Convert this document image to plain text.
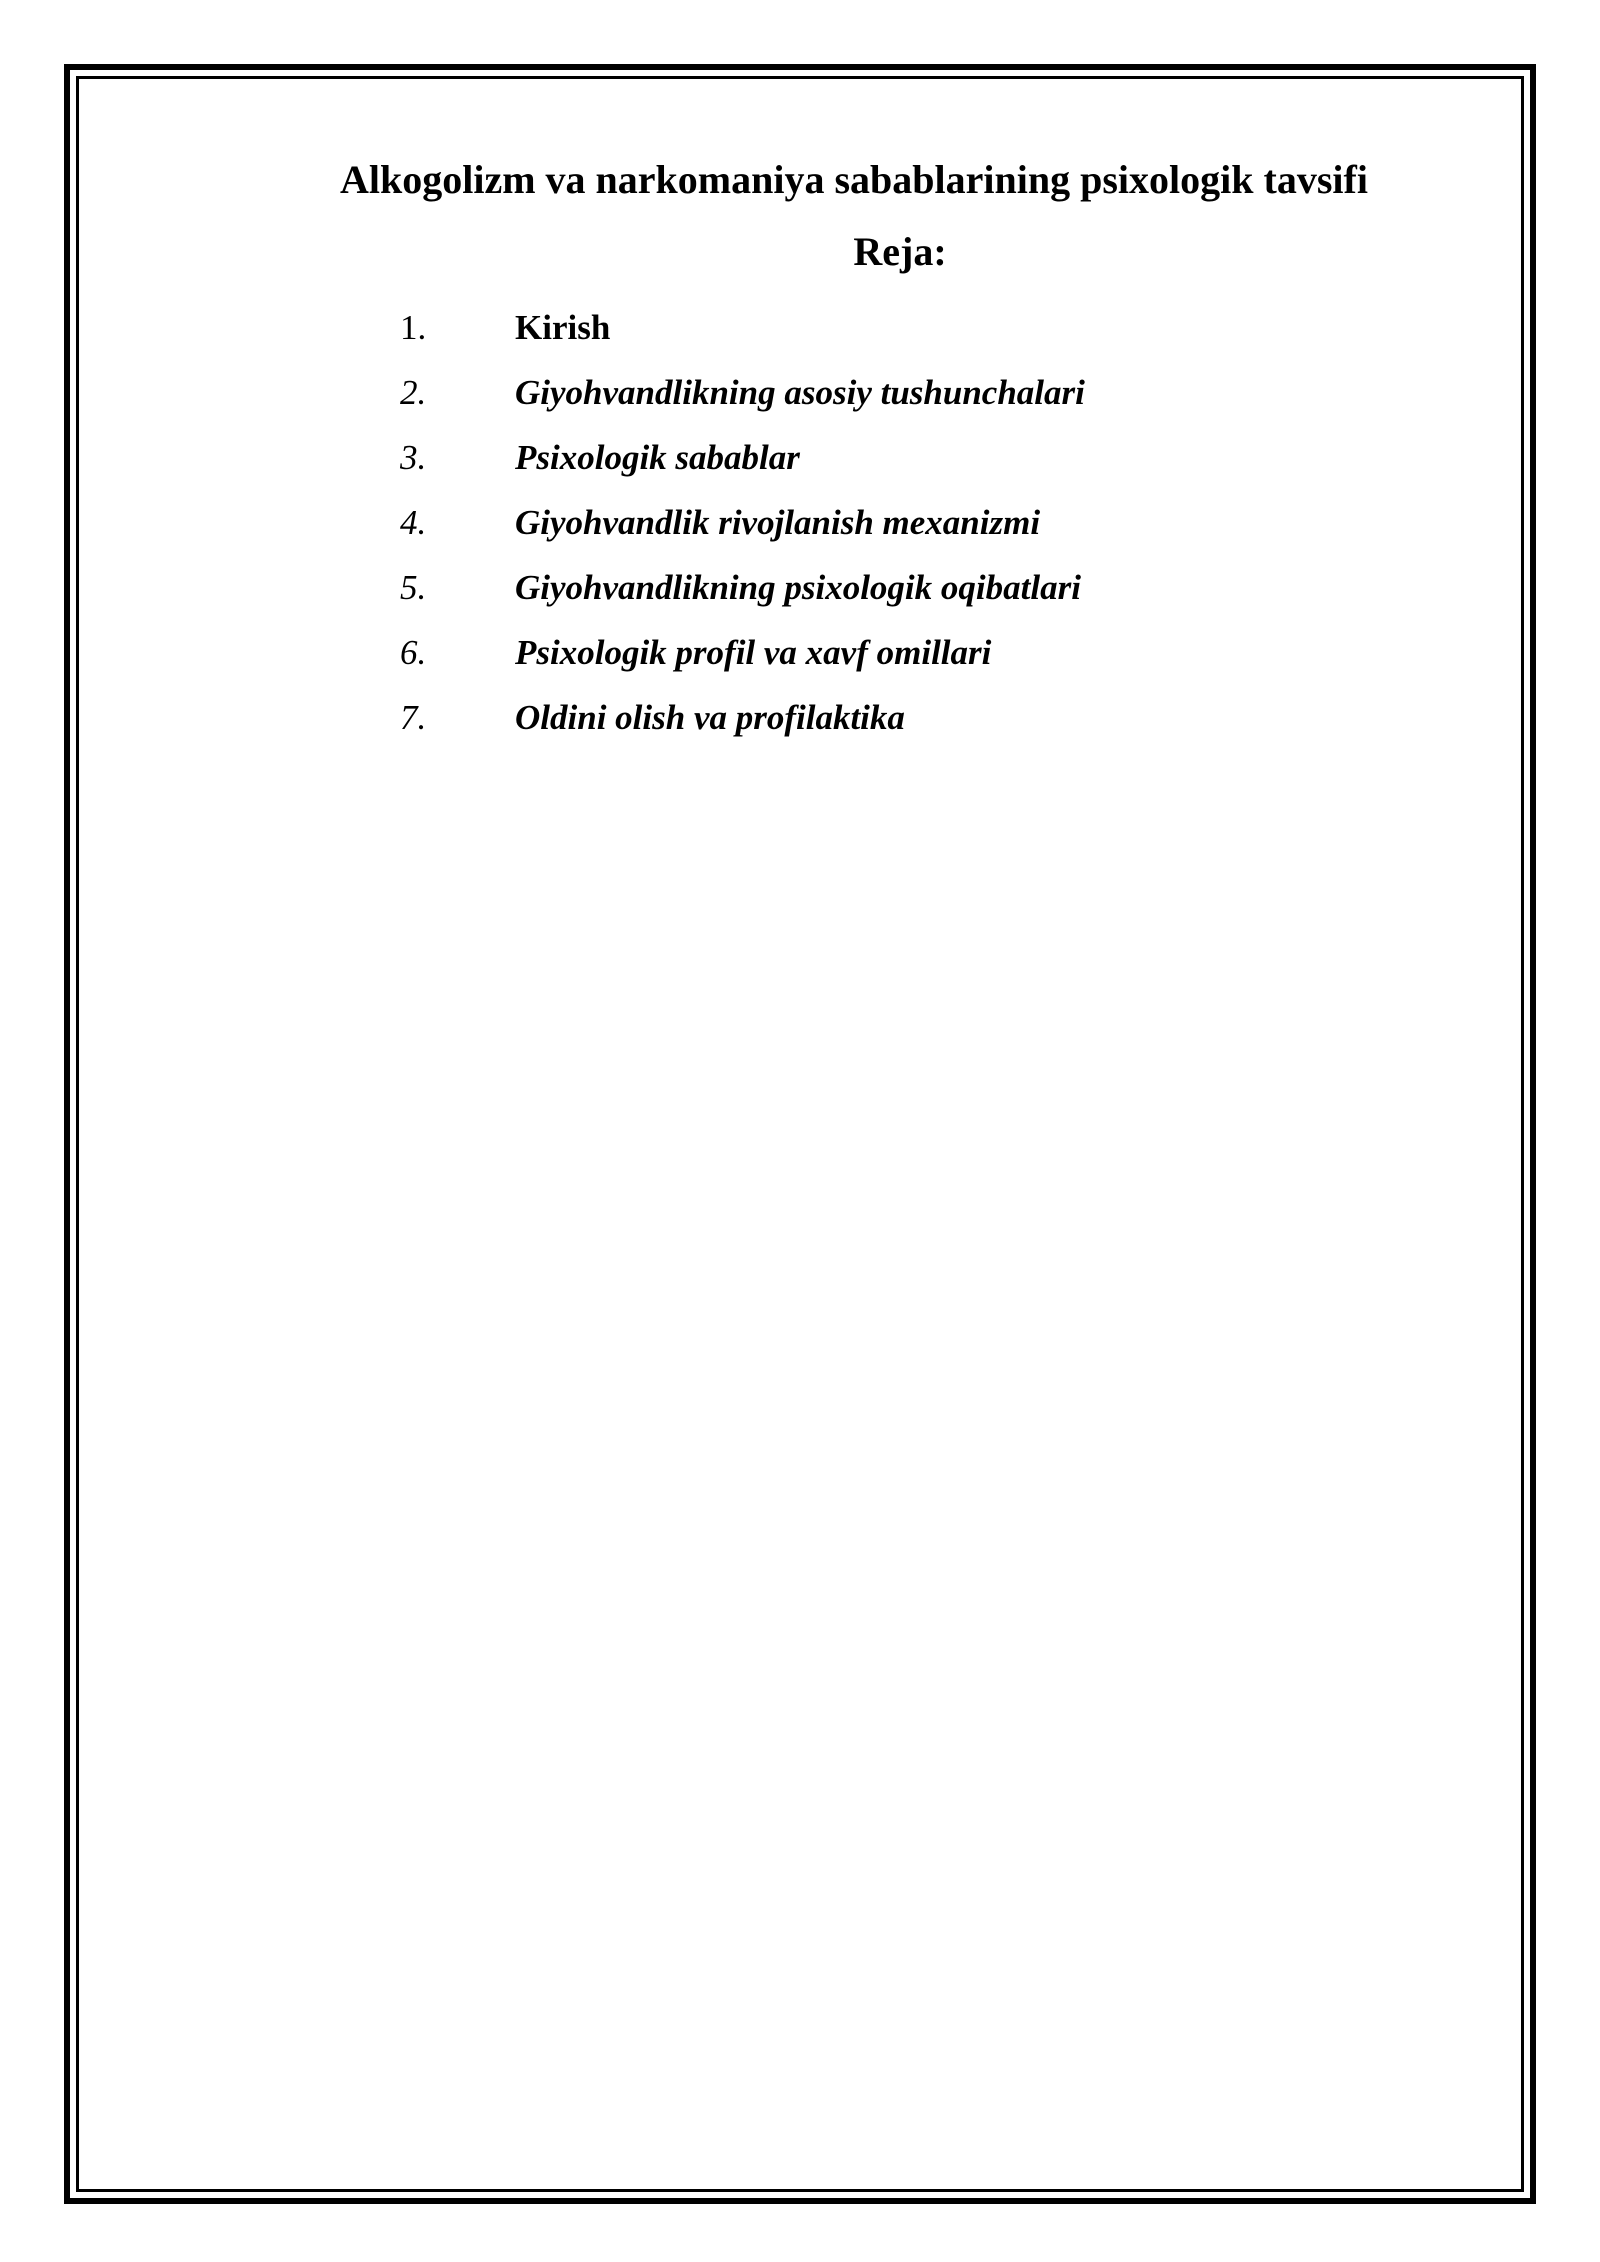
Alkogolizm va narkomaniya sabablarining psixologik tavsifi
Reja:
1.	Kirish
2.	Giyohvandlikning asosiy tushunchalari
3.	Psixologik sabablar
4.	Giyohvandlik rivojlanish mexanizmi
5.	Giyohvandlikning psixologik oqibatlari
6.	Psixologik profil va xavf omillari
7.	Oldini olish va profilaktika
